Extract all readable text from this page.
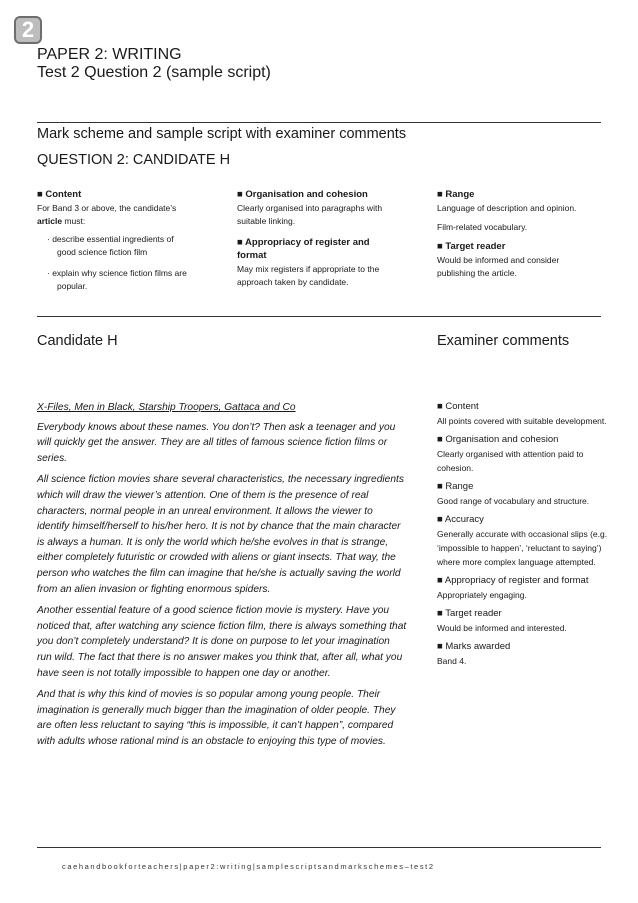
2
PAPER 2: WRITING
Test 2 Question 2 (sample script)
Mark scheme and sample script with examiner comments
QUESTION 2: CANDIDATE H
■ Content

For Band 3 or above, the candidate’s article must:

· describe essential ingredients of good science fiction film
· explain why science fiction films are popular.
■ Organisation and cohesion

Clearly organised into paragraphs with suitable linking.

■ Appropriacy of register and format

May mix registers if appropriate to the approach taken by candidate.

■ Range

Language of description and opinion.

Film-related vocabulary.

■ Target reader

Would be informed and consider publishing the article.

Candidate H	Examiner comments
X-Files, Men in Black, Starship Troopers, Gattaca and Co

Everybody knows about these names. You don’t? Then ask a teenager and you will quickly get the answer. They are all titles of famous science fiction films or series.

All science fiction movies share several characteristics, the necessary ingredients which will draw the viewer’s attention. One of them is the presence of real characters, normal people in an unreal environment. It allows the viewer to identify himself/herself to his/her hero. It is not by chance that the main character is always a human. It is only the world which he/she evolves in that is strange, either completely futuristic or crowded with aliens or giant insects. That way, the person who watches the film can imagine that he/she is actually saving the world from an alien invasion or fighting enormous spiders.

Another essential feature of a good science fiction movie is mystery. Have you noticed that, after watching any science fiction film, there is always something that you don’t completely understand? It is done on purpose to let your imagination run wild. The fact that there is no answer makes you think that, after all, what you have seen is not totally impossible to happen one day or another.

And that is why this kind of movies is so popular among young people. Their imagination is generally much bigger than the imagination of older people. They are often less reluctant to saying “this is impossible, it can’t happen”, compared with adults whose rational mind is an obstacle to enjoying this type of movies.

■ Content
All points covered with suitable development.
■ Organisation and cohesion
Clearly organised with attention paid to cohesion.
■ Range
Good range of vocabulary and structure.
■ Accuracy
Generally accurate with occasional slips (e.g. ‘impossible to happen’, ‘reluctant to saying’) where more complex language attempted.
■ Appropriacy of register and format
Appropriately engaging.
■ Target reader
Would be informed and interested.
■ Marks awarded
Band 4.
caehandbookforteachers|paper2:writing|samplescriptsandmarkschemes–test2
